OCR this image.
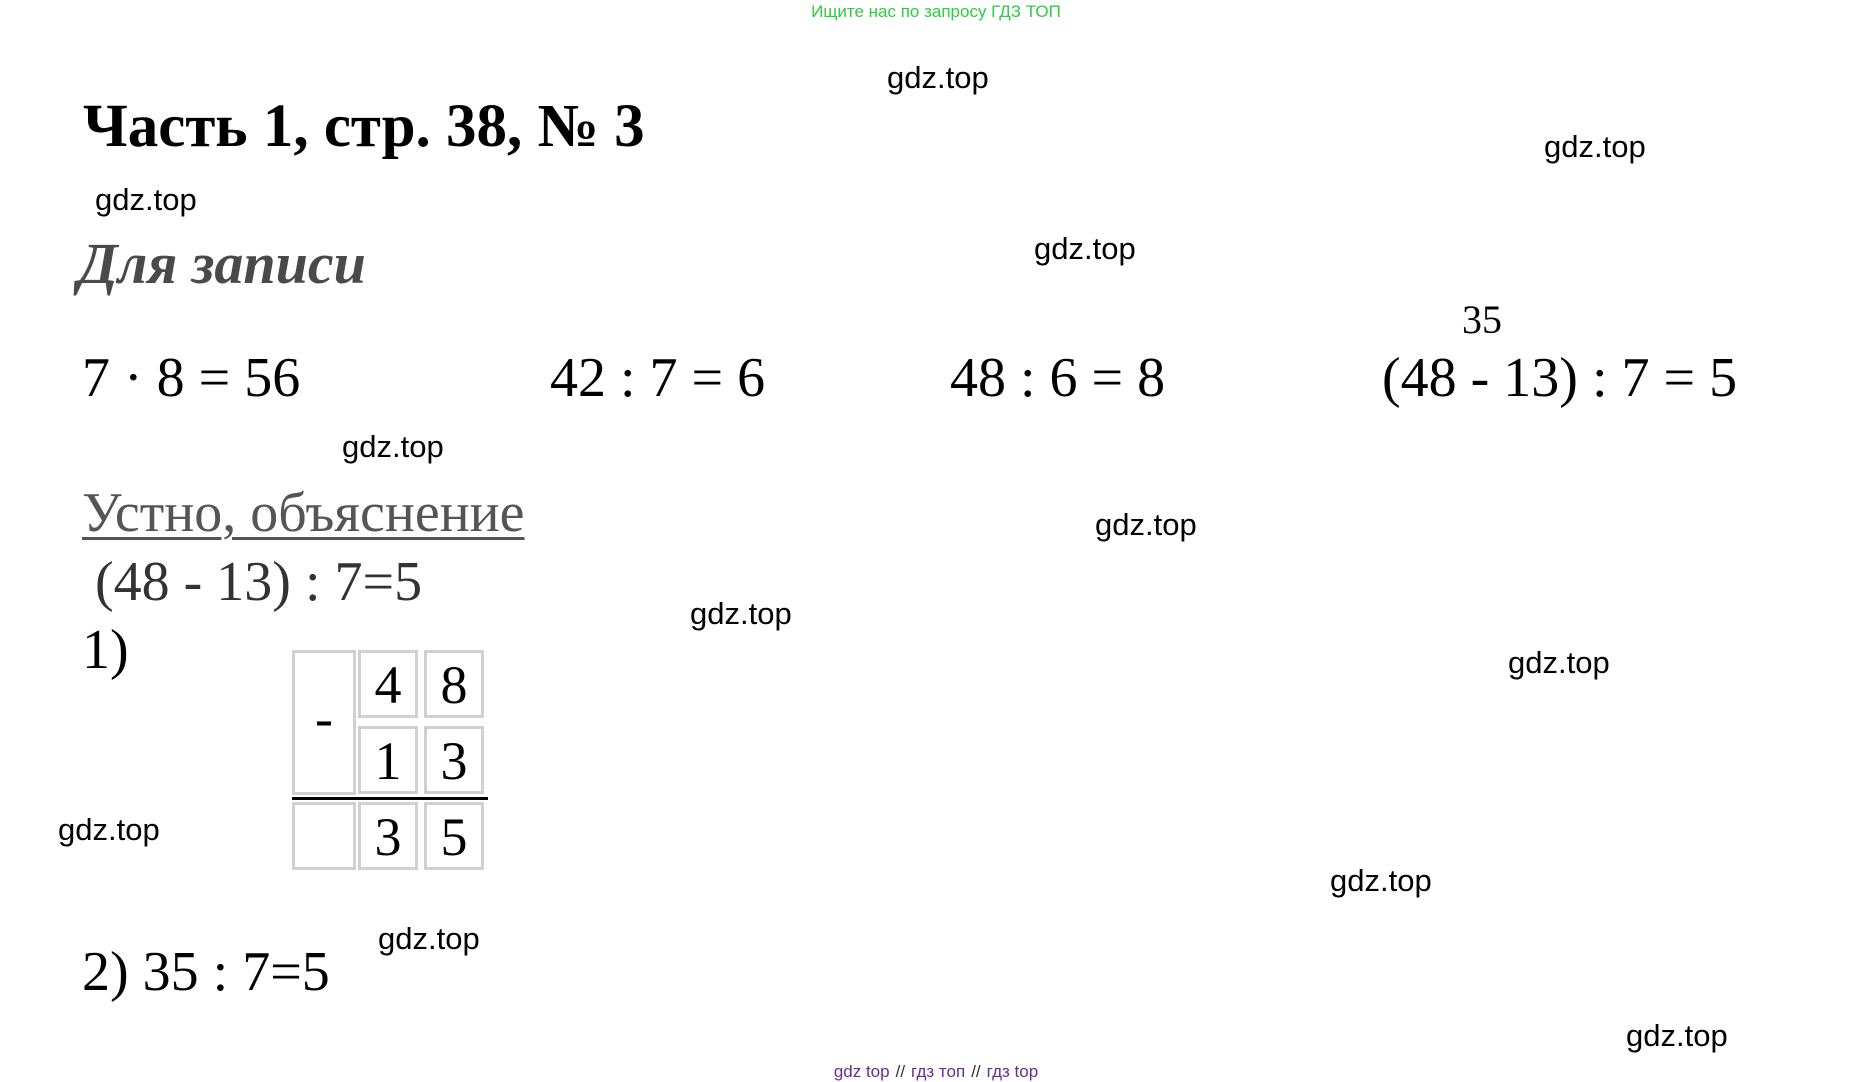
Ищите нас по запросу ГДЗ ТОП
Часть 1, стр. 38, № 3
Для записи
7 · 8 = 56	42 : 7 = 6	48 : 6 = 8
35
(48 - 13) : 7 = 5
Устно, объяснение
(48 - 13) : 7=5
1)
-
4 8
1 3
3 5
2) 35 : 7=5
gdz.top
gdz.top
gdz.top
gdz.top
gdz.top
gdz.top
gdz.top
gdz.top
gdz.top
gdz.top
gdz.top
gdz.top
gdz top // гдз топ // гдз top
